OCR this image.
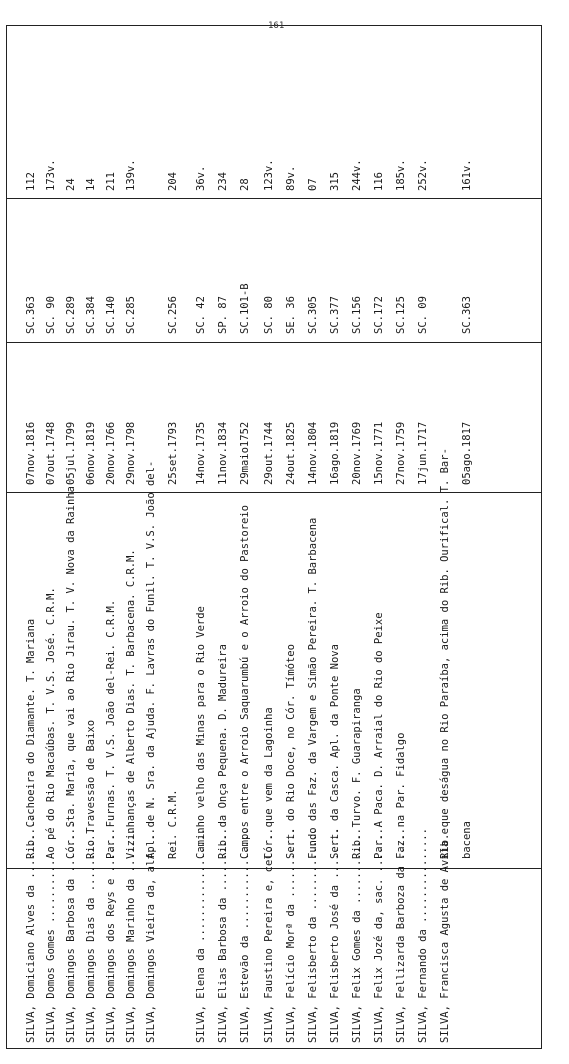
SILVA, Domiciano Alves da ..........
Rib. Cachoeira do Diamante. T. Mariana
07nov.1816
SC.363
112
SILVA, Domos Gomes ..........
Ao pé do Rio Macaúbas. T. V.S. José. C.R.M.
07out.1748
SC. 90
173v.
SILVA, Domingos Barbosa da ........
Cór. Sta. Maria, que vai ao Rio Jirau. T. V. Nova da Rainha
05jul.1799
SC.289
24
SILVA, Domingos Dias da ..........
Rio Travessão de Baixo
06nov.1819
SC.384
14
SILVA, Domingos dos Reys e .......
Par. Furnas. T. V.S. João del-Rei. C.R.M.
20nov.1766
SC.140
211
SILVA, Domingos Marinho da .......
Vizinhanças de Alberto Dias. T. Barbacena. C.R.M.
29nov.1798
SC.285
139v.
SILVA, Domingos Vieira da, alf. ..
Apl. de N. Sra. da Ajuda. F. Lavras do Funil. T. V.S. João del- Rei. C.R.M.
25set.1793
SC.256
204
SILVA, Elena da ..................
Caminho velho das Minas para o Rio Verde
14nov.1735
SC. 42
36v.
SILVA, Elias Barbosa da ..........
Rib. da Onça Pequena. D. Madureira
11nov.1834
SP. 87
234
SILVA, Estevão da ................
Campos entre o Arroio Saquarumbú e o Arroio do Pastoreio
29maio1752
SC.101-B
28
SILVA, Faustino Pereira e, cel. ..
Cór. que vem da Lagoinha
29out.1744
SC. 80
123v.
SILVA, Felício Morª da ...........
Sert. do Rio Doce, no Cór. Tímóteo
24out.1825
SE. 36
89v.
SILVA, Felisberto da .............
Fundo das Faz. da Vargem e Simão Pereira. T. Barbacena
14nov.1804
SC.305
07
SILVA, Felisberto José da ........
Sert. da Casca. Apl. da Ponte Nova
16ago.1819
SC.377
315
SILVA, Felix Gomes da ............
Rib. Turvo. F. Guarapiranga
20nov.1769
SC.156
244v.
SILVA, Felix Jozé da, sac. .......
Par. A Paca. D. Arraial do Rio do Peixe
15nov.1771
SC.172
116
SILVA, Fellizarda Barboza da .....
Faz. na Par. Fidalgo
27nov.1759
SC.125
185v.
SILVA, Fernando da ...............
17jun.1717
SC. 09
252v.
SILVA, Francisca Agusta de Avila e
Rib. que deságua no Rio Paraíba, acima do Rib. Ourifical. T. Bar- bacena
05ago.1817
SC.363
161v.
161
